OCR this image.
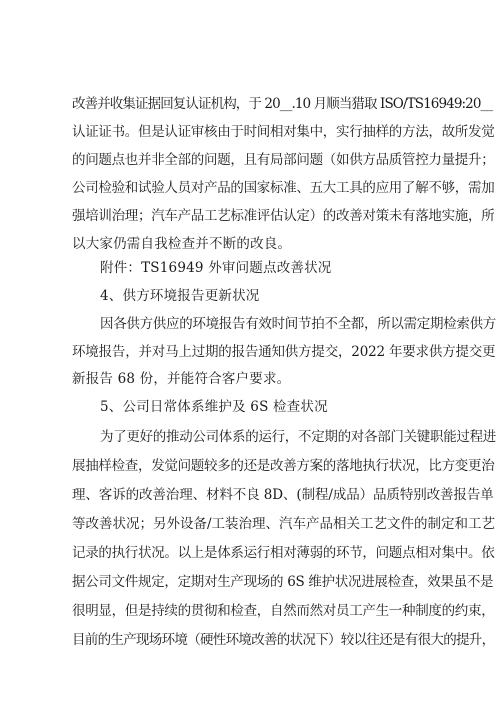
改善并收集证据回复认证机构，于 20__.10 月顺当猎取 ISO/TS16949:20__
认证证书。但是认证审核由于时间相对集中，实行抽样的方法，故所发觉
的问题点也并非全部的问题，且有局部问题（如供方品质管控力量提升；
公司检验和试验人员对产品的国家标准、五大工具的应用了解不够，需加
强培训治理；汽车产品工艺标准评估认定）的改善对策未有落地实施，所
以大家仍需自我检查并不断的改良。
附件：TS16949 外审问题点改善状况
4、供方环境报告更新状况
因各供方供应的环境报告有效时间节拍不全都，所以需定期检索供方
环境报告，并对马上过期的报告通知供方提交，2022 年要求供方提交更
新报告 68 份，并能符合客户要求。
5、公司日常体系维护及 6S 检查状况
为了更好的推动公司体系的运行，不定期的对各部门关键职能过程进
展抽样检查，发觉问题较多的还是改善方案的落地执行状况，比方变更治
理、客诉的改善治理、材料不良 8D、(制程/成品）品质特别改善报告单
等改善状况；另外设备/工装治理、汽车产品相关工艺文件的制定和工艺
记录的执行状况。以上是体系运行相对薄弱的环节，问题点相对集中。依
据公司文件规定，定期对生产现场的 6S 维护状况进展检查，效果虽不是
很明显，但是持续的贯彻和检查，自然而然对员工产生一种制度的约束，
目前的生产现场环境（硬性环境改善的状况下）较以往还是有很大的提升，
